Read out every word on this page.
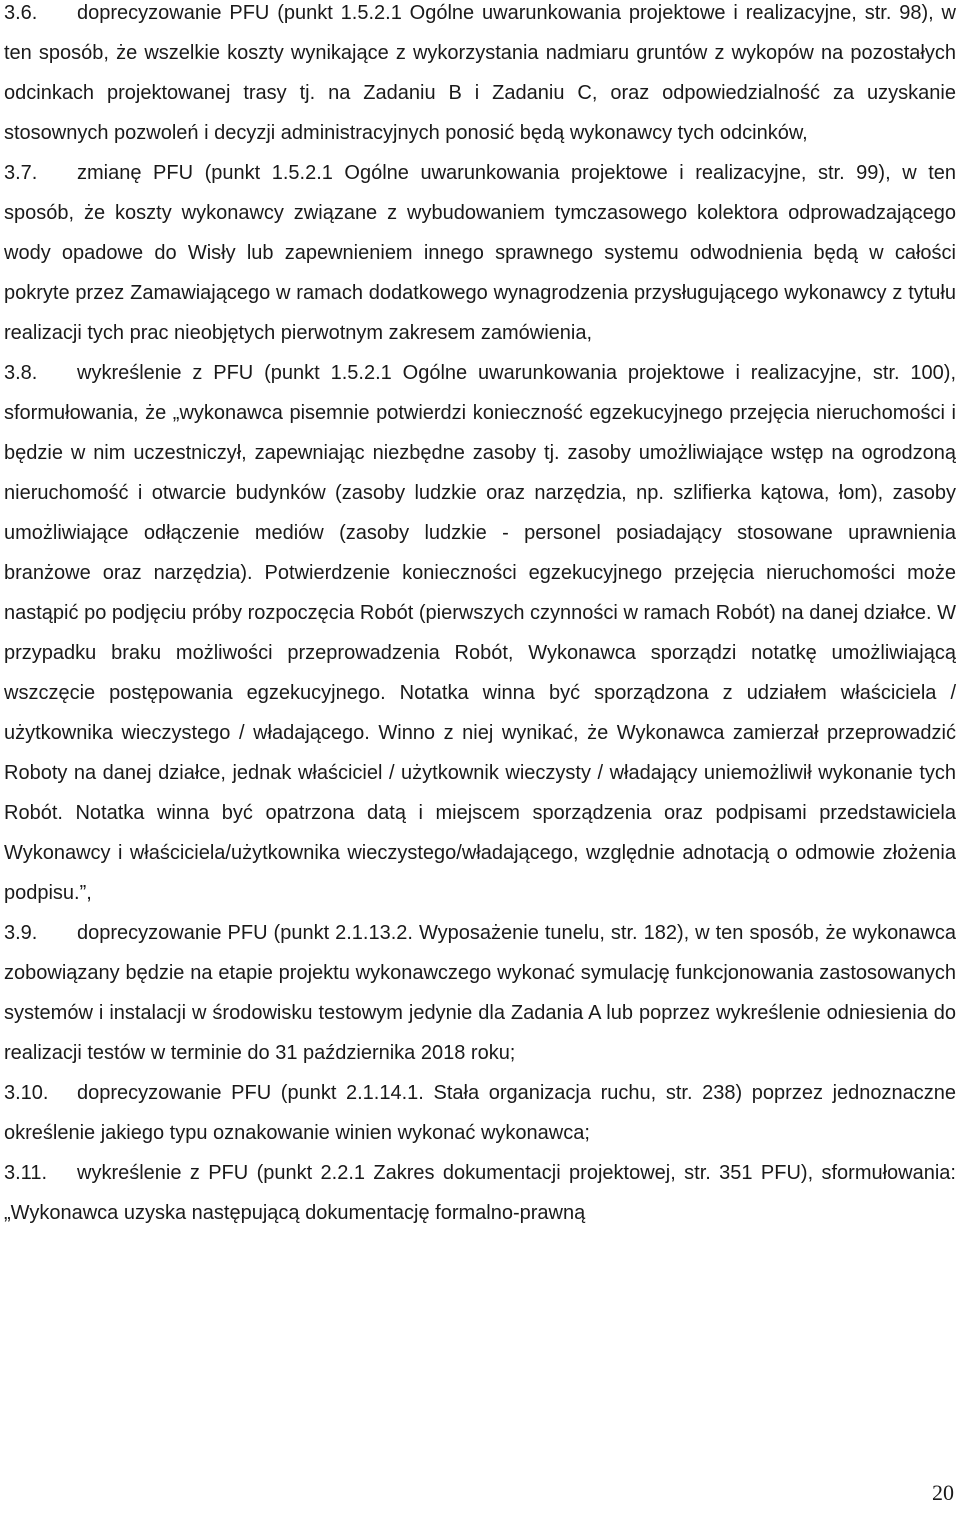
3.6. doprecyzowanie PFU (punkt 1.5.2.1 Ogólne uwarunkowania projektowe i realizacyjne, str. 98), w ten sposób, że wszelkie koszty wynikające z wykorzystania nadmiaru gruntów z wykopów na pozostałych odcinkach projektowanej trasy tj. na Zadaniu B i Zadaniu C, oraz odpowiedzialność za uzyskanie stosownych pozwoleń i decyzji administracyjnych ponosić będą wykonawcy tych odcinków,

3.7. zmianę PFU (punkt 1.5.2.1 Ogólne uwarunkowania projektowe i realizacyjne, str. 99), w ten sposób, że koszty wykonawcy związane z wybudowaniem tymczasowego kolektora odprowadzającego wody opadowe do Wisły lub zapewnieniem innego sprawnego systemu odwodnienia będą w całości pokryte przez Zamawiającego w ramach dodatkowego wynagrodzenia przysługującego wykonawcy z tytułu realizacji tych prac nieobjętych pierwotnym zakresem zamówienia,

3.8. wykreślenie z PFU (punkt 1.5.2.1 Ogólne uwarunkowania projektowe i realizacyjne, str. 100), sformułowania, że „wykonawca pisemnie potwierdzi konieczność egzekucyjnego przejęcia nieruchomości i będzie w nim uczestniczył, zapewniając niezbędne zasoby tj. zasoby umożliwiające wstęp na ogrodzoną nieruchomość i otwarcie budynków (zasoby ludzkie oraz narzędzia, np. szlifierka kątowa, łom), zasoby umożliwiające odłączenie mediów (zasoby ludzkie - personel posiadający stosowane uprawnienia branżowe oraz narzędzia). Potwierdzenie konieczności egzekucyjnego przejęcia nieruchomości może nastąpić po podjęciu próby rozpoczęcia Robót (pierwszych czynności w ramach Robót) na danej działce. W przypadku braku możliwości przeprowadzenia Robót, Wykonawca sporządzi notatkę umożliwiającą wszczęcie postępowania egzekucyjnego. Notatka winna być sporządzona z udziałem właściciela / użytkownika wieczystego / władającego. Winno z niej wynikać, że Wykonawca zamierzał przeprowadzić Roboty na danej działce, jednak właściciel / użytkownik wieczysty / władający uniemożliwił wykonanie tych Robót. Notatka winna być opatrzona datą i miejscem sporządzenia oraz podpisami przedstawiciela Wykonawcy i właściciela/użytkownika wieczystego/władającego, względnie adnotacją o odmowie złożenia podpisu.”,

3.9. doprecyzowanie PFU (punkt 2.1.13.2. Wyposażenie tunelu, str. 182), w ten sposób, że wykonawca zobowiązany będzie na etapie projektu wykonawczego wykonać symulację funkcjonowania zastosowanych systemów i instalacji w środowisku testowym jedynie dla Zadania A lub poprzez wykreślenie odniesienia do realizacji testów w terminie do 31 października 2018 roku;

3.10. doprecyzowanie PFU (punkt 2.1.14.1. Stała organizacja ruchu, str. 238) poprzez jednoznaczne określenie jakiego typu oznakowanie winien wykonać wykonawca;

3.11. wykreślenie z PFU (punkt 2.2.1 Zakres dokumentacji projektowej, str. 351 PFU), sformułowania: „Wykonawca uzyska następującą dokumentację formalno-prawną

20
